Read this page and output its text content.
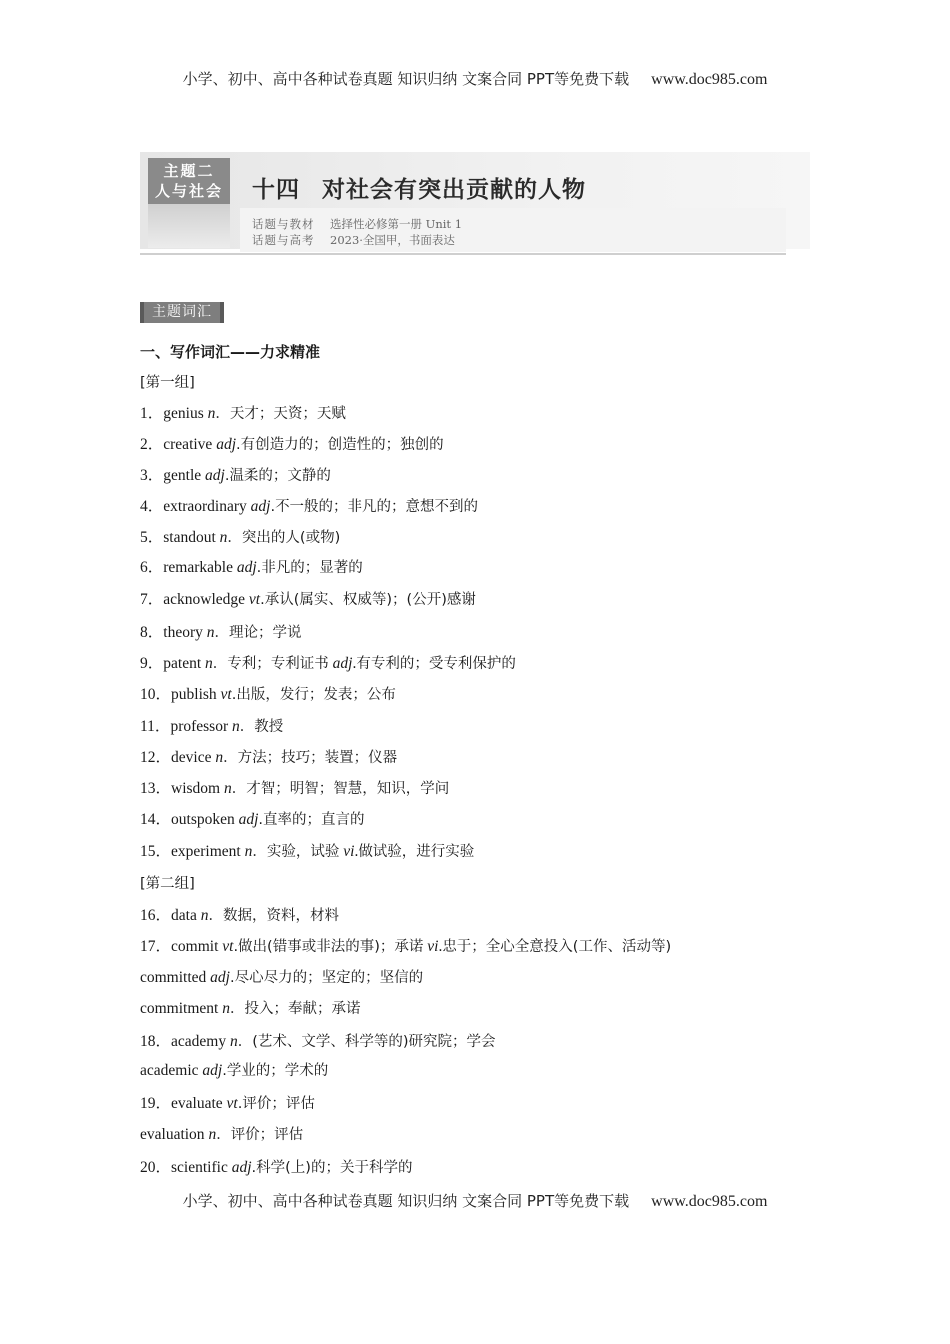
小学、初中、高中各种试卷真题 知识归纳 文案合同 PPT等免费下载 www.doc985.com
主题二
人与社会	十四 对社会有突出贡献的人物
话题与教材 选择性必修第一册 Unit 1
话题与高考 2023·全国甲，书面表达
主题词汇
一、写作词汇——力求精准
[第一组]
[第二组]
1．genius n．天才；天资；天赋
2．creative adj.有创造力的；创造性的；独创的
3．gentle adj.温柔的；文静的
4．extraordinary adj.不一般的；非凡的；意想不到的
5．standout n．突出的人(或物)
6．remarkable adj.非凡的；显著的
7．acknowledge vt.承认(属实、权威等)；(公开)感谢
8．theory n．理论；学说
9．patent n．专利；专利证书 adj.有专利的；受专利保护的
10．publish vt.出版，发行；发表；公布
11．professor n．教授
12．device n．方法；技巧；装置；仪器
13．wisdom n．才智；明智；智慧，知识，学问
14．outspoken adj.直率的；直言的
15．experiment n．实验，试验 vi.做试验，进行实验
16．data n．数据，资料，材料
17．commit vt.做出(错事或非法的事)；承诺 vi.忠于；全心全意投入(工作、活动等)
committed adj.尽心尽力的；坚定的；坚信的
commitment n．投入；奉献；承诺
18．academy n．(艺术、文学、科学等的)研究院；学会
academic adj.学业的；学术的
19．evaluate vt.评价；评估
evaluation n．评价；评估
20．scientific adj.科学(上)的；关于科学的
小学、初中、高中各种试卷真题 知识归纳 文案合同 PPT等免费下载 www.doc985.com
